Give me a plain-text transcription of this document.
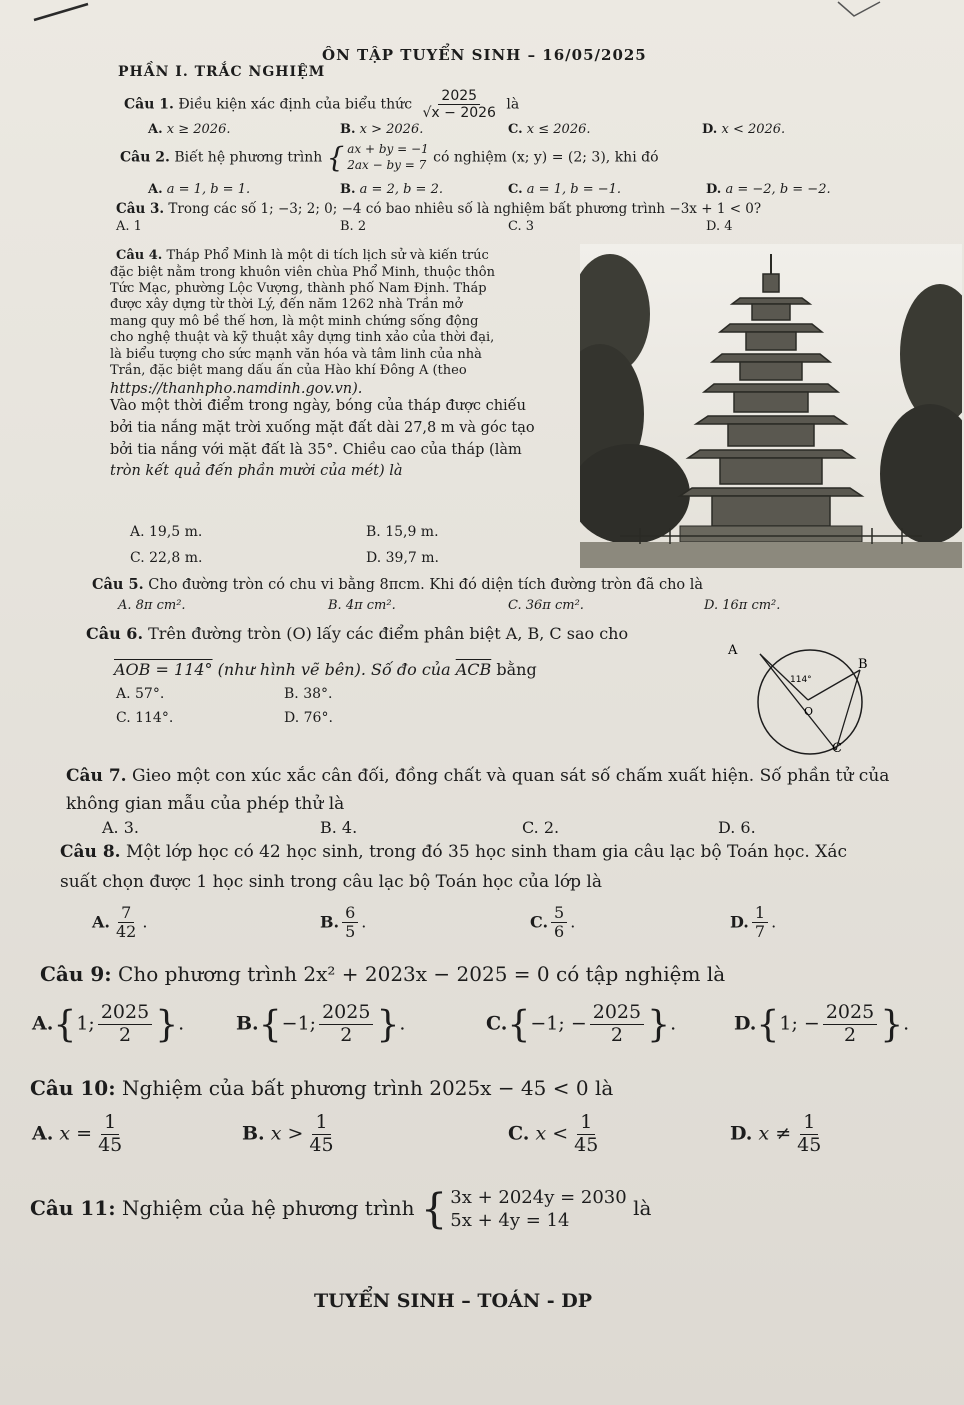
ÔN TẬP TUYỂN SINH – 16/05/2025
PHẦN I. TRẮC NGHIỆM
Câu 1. Điều kiện xác định của biểu thức $\frac{2025}{√x - 2026}$ là
A. x ≥ 2026.	B. x > 2026.	C. x ≤ 2026.	D. x < 2026.
Câu 2. Biết hệ phương trình { ax + by = −1
2ax − by = 7 có nghiệm (x; y) = (2; 3), khi đó
A. a = 1, b = 1.	B. a = 2, b = 2.	C. a = 1, b = −1.	D. a = −2, b = −2.
Câu 3. Trong các số 1; −3; 2; 0; −4 có bao nhiêu số là nghiệm bất phương trình −3x + 1 < 0?
A. 1	B. 2	C. 3	D. 4
Câu 4. Tháp Phổ Minh là một di tích lịch sử và kiến trúc
đặc biệt nằm trong khuôn viên chùa Phổ Minh, thuộc thôn
Tức Mạc, phường Lộc Vượng, thành phố Nam Định. Tháp
được xây dựng từ thời Lý, đến năm 1262 nhà Trần mở
mang quy mô bề thế hơn, là một minh chứng sống động
cho nghệ thuật và kỹ thuật xây dựng tinh xảo của thời đại,
là biểu tượng cho sức mạnh văn hóa và tâm linh của nhà
Trần, đặc biệt mang dấu ấn của Hào khí Đông A (theo
https://thanhpho.namdinh.gov.vn).
Vào một thời điểm trong ngày, bóng của tháp được chiếu
bởi tia nắng mặt trời xuống mặt đất dài 27,8 m và góc tạo
bởi tia nắng với mặt đất là 35°. Chiều cao của tháp (làm
tròn kết quả đến phần mười của mét) là
A. 19,5 m.	B. 15,9 m.
C. 22,8 m.	D. 39,7 m.
Câu 5. Cho đường tròn có chu vi bằng 8πcm. Khi đó diện tích đường tròn đã cho là
A. 8π cm².	B. 4π cm².	C. 36π cm².	D. 16π cm².
Câu 6. Trên đường tròn (O) lấy các điểm phân biệt A, B, C sao cho
AOB = 114° (như hình vẽ bên). Số đo của $\overline{ACB}$ bằng
A. 57°.	B. 38°.
C. 114°.	D. 76°.
A
B
C
O
114°
Câu 7. Gieo một con xúc xắc cân đối, đồng chất và quan sát số chấm xuất hiện. Số phần tử của
không gian mẫu của phép thử là
A. 3.	B. 4.	C. 2.	D. 6.
Câu 8. Một lớp học có 42 học sinh, trong đó 35 học sinh tham gia câu lạc bộ Toán học. Xác
suất chọn được 1 học sinh trong câu lạc bộ Toán học của lớp là
A. $\frac{7}{42}$ .	B. $\frac{6}{5}$ .	C. $\frac{5}{6}$ .	D. $\frac{1}{7}$ .
Câu 9: Cho phương trình 2x² + 2023x − 2025 = 0 có tập nghiệm là
A.{1; $\frac{2025}{2}$ }.	B.{−1; $\frac{2025}{2}$ }.	C.{−1; − $\frac{2025}{2}$ }.	D.{1; − $\frac{2025}{2}$ }.
Câu 10: Nghiệm của bất phương trình 2025x − 45 < 0 là
A. $x = \frac{1}{45}$	B. $x > \frac{1}{45}$	C. $x < \frac{1}{45}$	D. $x \ne \frac{1}{45}$
Câu 11: Nghiệm của hệ phương trình { 3x + 2024y = 2030
5x + 4y = 14
là
TUYỂN SINH – TOÁN - DP
